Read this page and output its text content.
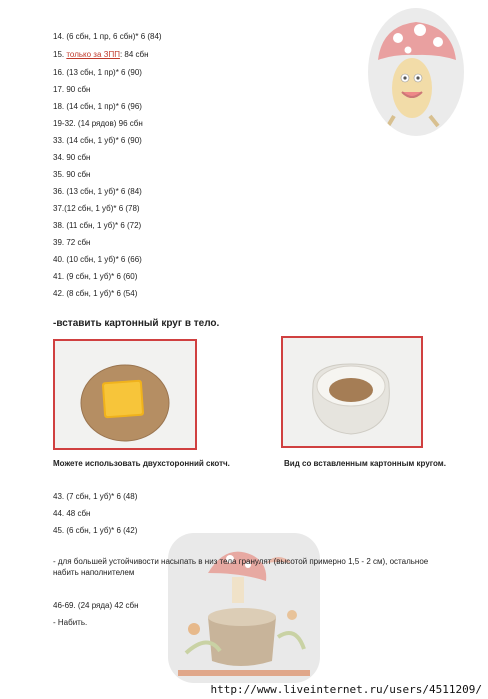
14. (6 сбн, 1 пр, 6 сбн)* 6 (84)
15. только за ЗПП: 84 сбн
16. (13 сбн, 1 пр)* 6 (90)
17. 90 сбн
18. (14 сбн, 1 пр)* 6 (96)
19-32. (14 рядов) 96 сбн
33. (14 сбн, 1 уб)* 6 (90)
34. 90 сбн
35. 90 сбн
36. (13 сбн, 1 уб)* 6 (84)
37.(12 сбн, 1 уб)* 6 (78)
38. (11 сбн, 1 уб)* 6 (72)
39. 72 сбн
40. (10 сбн, 1 уб)* 6 (66)
41. (9 сбн, 1 уб)* 6 (60)
42. (8 сбн, 1 уб)* 6 (54)
-вставить картонный круг в тело.
Можете использовать двухсторонний скотч.	Вид со вставленным картонным кругом.
43. (7 сбн, 1 уб)* 6 (48)
44. 48 сбн
45. (6 сбн, 1 уб)* 6 (42)
- для большей устойчивости насыпать в низ тела гранулят (высотой примерно 1,5 - 2 см), остальное набить наполнителем
46-69. (24 ряда) 42 сбн
- Набить.
http://www.liveinternet.ru/users/4511209/
